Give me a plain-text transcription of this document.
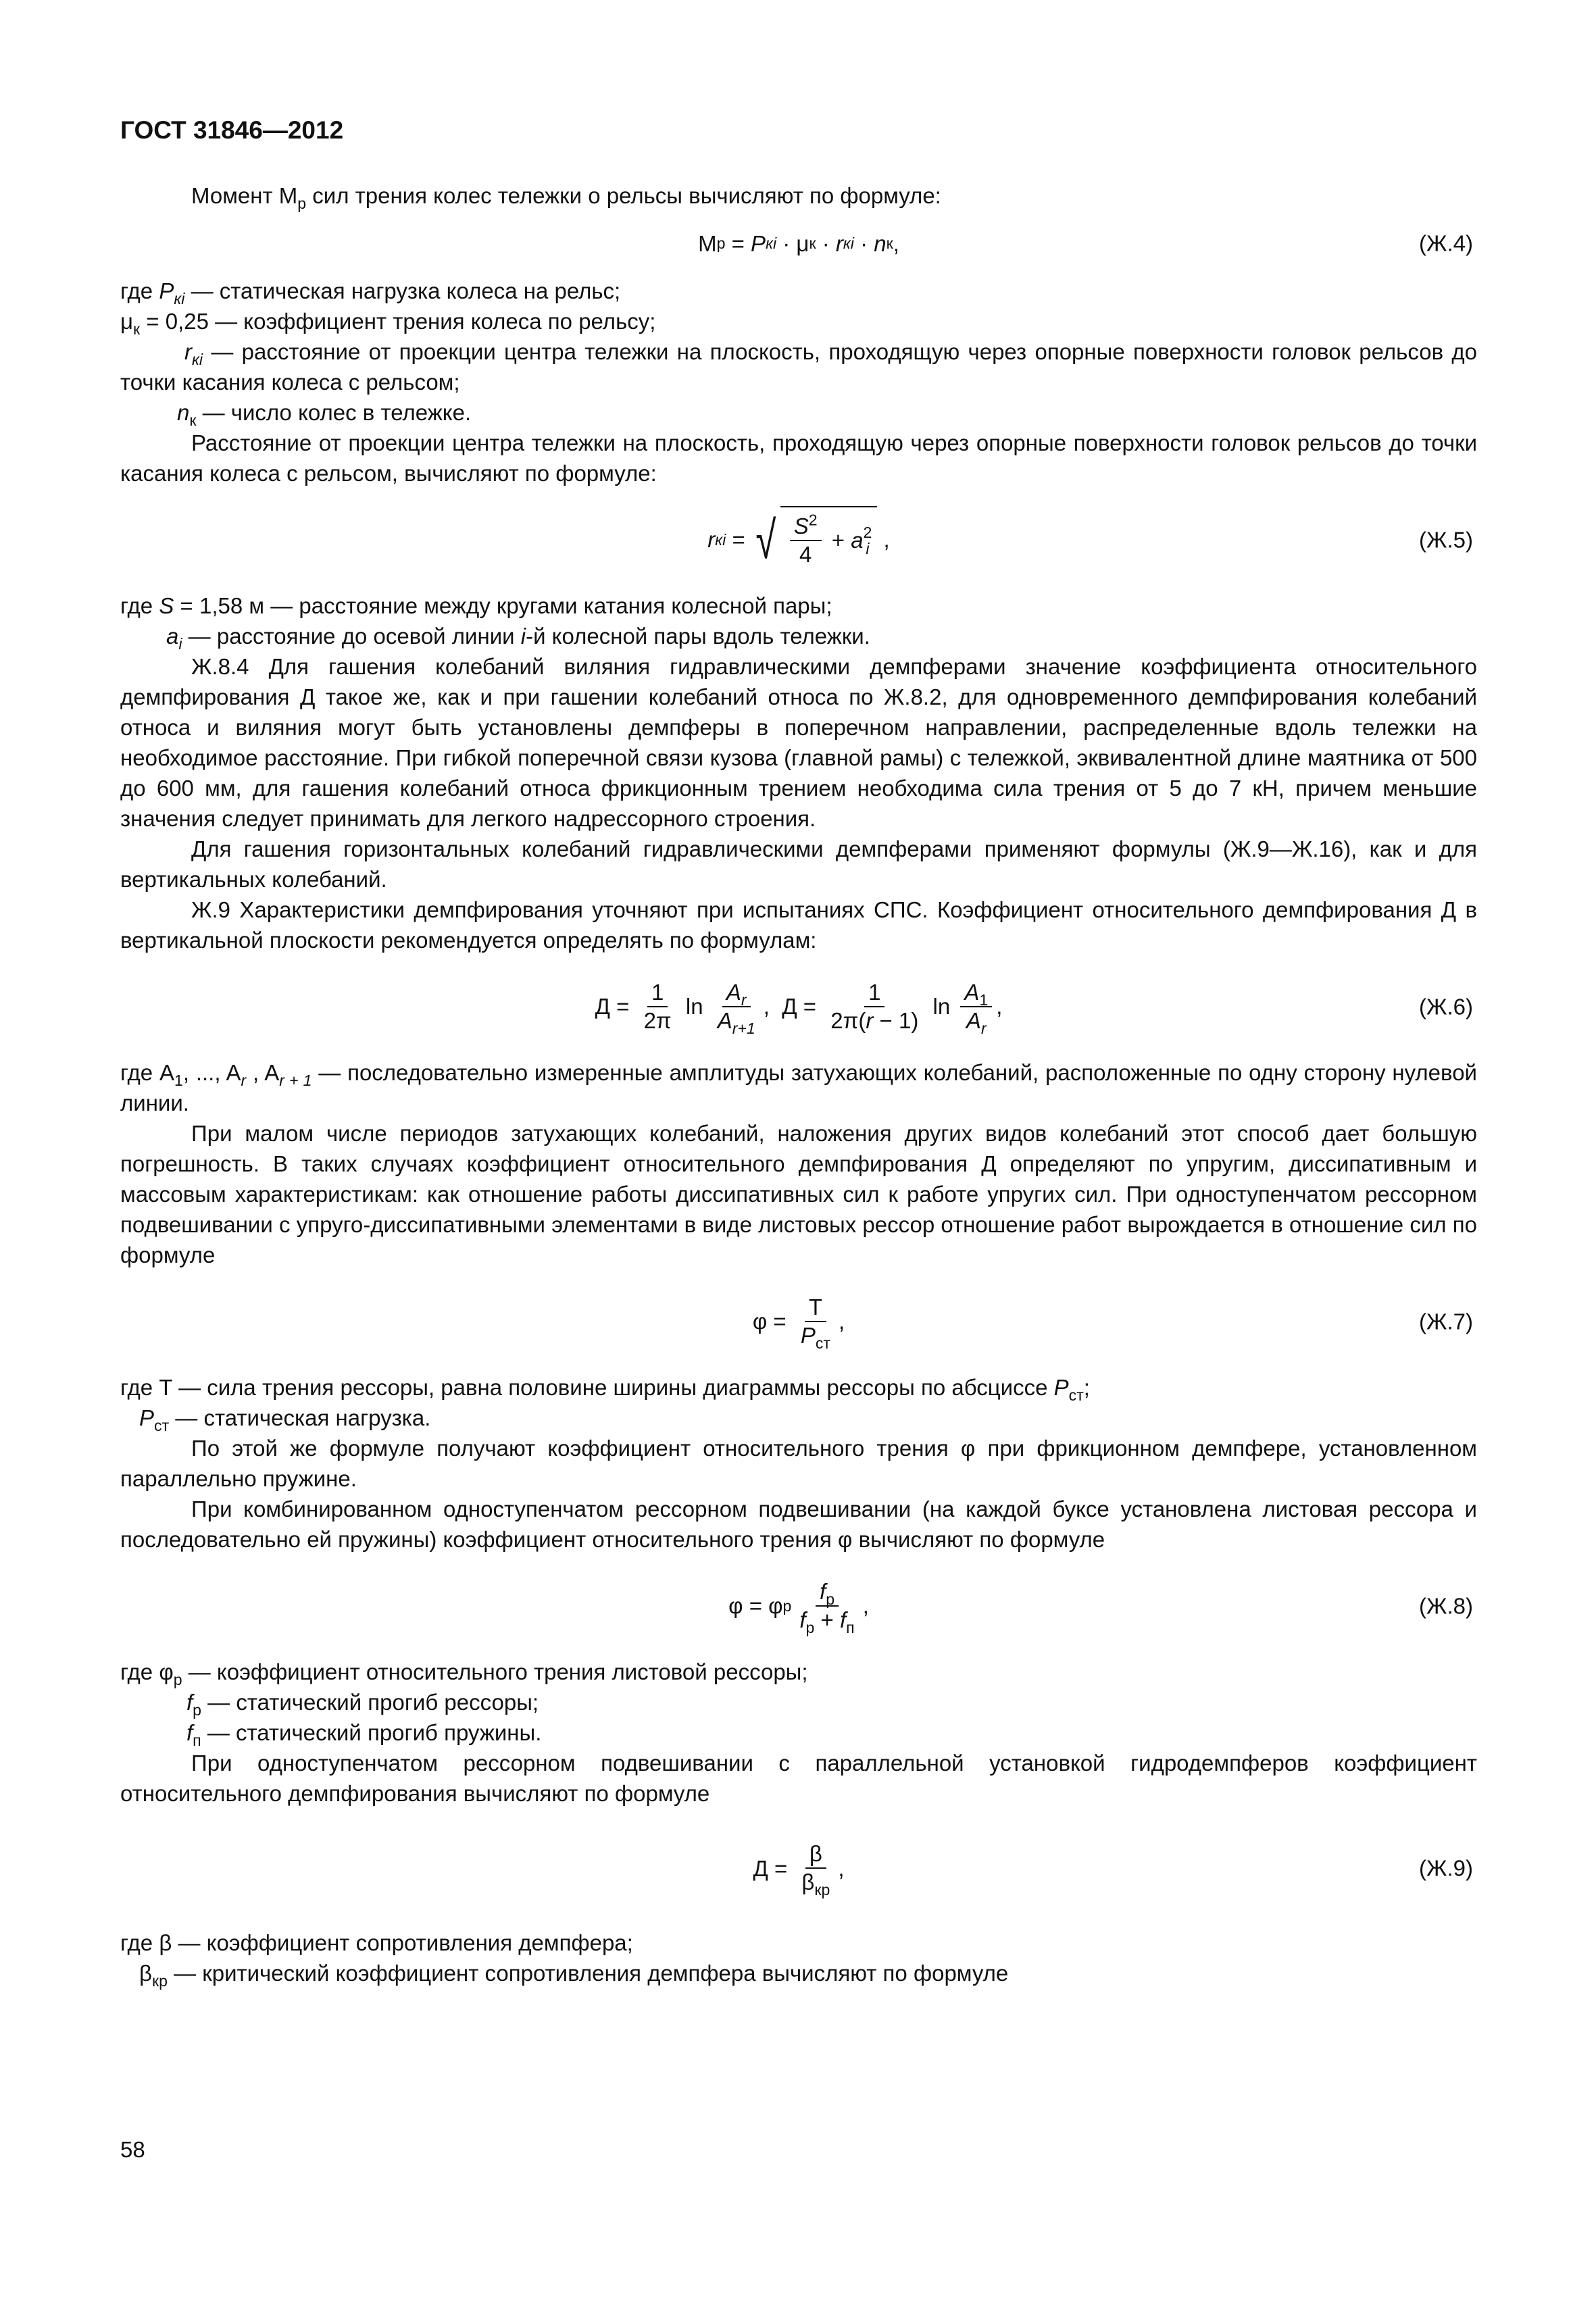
ГОСТ 31846—2012

Момент $M_р$ сил трения колес тележки о рельсы вычисляют по формуле:

M р = P кi · μ к · r кi · n к ,	(Ж.4)

где $P_{кi}$ — статическая нагрузка колеса на рельс;

$\mu_к = 0,25$ — коэффициент трения колеса по рельсу;

$r_{кi}$ — расстояние от проекции центра тележки на плоскость, проходящую через опорные поверхности головок рельсов до точки касания колеса с рельсом;

$n_к$ — число колес в тележке.

Расстояние от проекции центра тележки на плоскость, проходящую через опорные поверхности головок рельсов до точки касания колеса с рельсом, вычисляют по формуле:

r кi = √ $\frac{S^2}{4} + a$ 2
i ,	(Ж.5)

где S = 1,58 м — расстояние между кругами катания колесной пары;

$a_i$ — расстояние до осевой линии i-й колесной пары вдоль тележки.

Ж.8.4 Для гашения колебаний виляния гидравлическими демпферами значение коэффициента относительного демпфирования Д такое же, как и при гашении колебаний относа по Ж.8.2, для одновременного демпфирования колебаний относа и виляния могут быть установлены демпферы в поперечном направлении, распределенные вдоль тележки на необходимое расстояние. При гибкой поперечной связи кузова (главной рамы) с тележкой, эквивалентной длине маятника от 500 до 600 мм, для гашения колебаний относа фрикционным трением необходима сила трения от 5 до 7 кН, причем меньшие значения следует принимать для легкого надрессорного строения.

Для гашения горизонтальных колебаний гидравлическими демпферами применяют формулы (Ж.9—Ж.16), как и для вертикальных колебаний.

Ж.9 Характеристики демпфирования уточняют при испытаниях СПС. Коэффициент относительного демпфирования Д в вертикальной плоскости рекомендуется определять по формулам:

$Д = \frac{1}{2\pi}$ $\ln \frac{A_r}{A_{r+1}}$ ,  $Д = \frac{1}{2\pi(r - 1)}$ $\ln \frac{A_1}{A_r}$ ,	(Ж.6)

где $A_1$, ..., $A_r$ , $A_{r + 1}$ — последовательно измеренные амплитуды затухающих колебаний, расположенные по одну сторону нулевой линии.

При малом числе периодов затухающих колебаний, наложения других видов колебаний этот способ дает большую погрешность. В таких случаях коэффициент относительного демпфирования Д определяют по упругим, диссипативным и массовым характеристикам: как отношение работы диссипативных сил к работе упругих сил. При одноступенчатом рессорном подвешивании с упруго-диссипативными элементами в виде листовых рессор отношение работ вырождается в отношение сил по формуле

$\varphi = \frac{T}{P_{ст}}$ ,	(Ж.7)

где T — сила трения рессоры, равна половине ширины диаграммы рессоры по абсциссе $P_{ст}$;

$P_{ст}$ — статическая нагрузка.

По этой же формуле получают коэффициент относительного трения φ при фрикционном демпфере, установленном параллельно пружине.

При комбинированном одноступенчатом рессорном подвешивании (на каждой буксе установлена листовая рессора и последовательно ей пружины) коэффициент относительного трения φ вычисляют по формуле

φ = φ р $\frac{f_р}{f_р + f_п}$ ,	(Ж.8)

где $\varphi_р$ — коэффициент относительного трения листовой рессоры;

$f_р$ — статический прогиб рессоры;

$f_п$ — статический прогиб пружины.

При одноступенчатом рессорном подвешивании с параллельной установкой гидродемпферов коэффициент относительного демпфирования вычисляют по формуле

$Д = \frac{\beta}{\beta_{кр}}$ ,	(Ж.9)

где β — коэффициент сопротивления демпфера;

$\beta_{кр}$ — критический коэффициент сопротивления демпфера вычисляют по формуле

58
